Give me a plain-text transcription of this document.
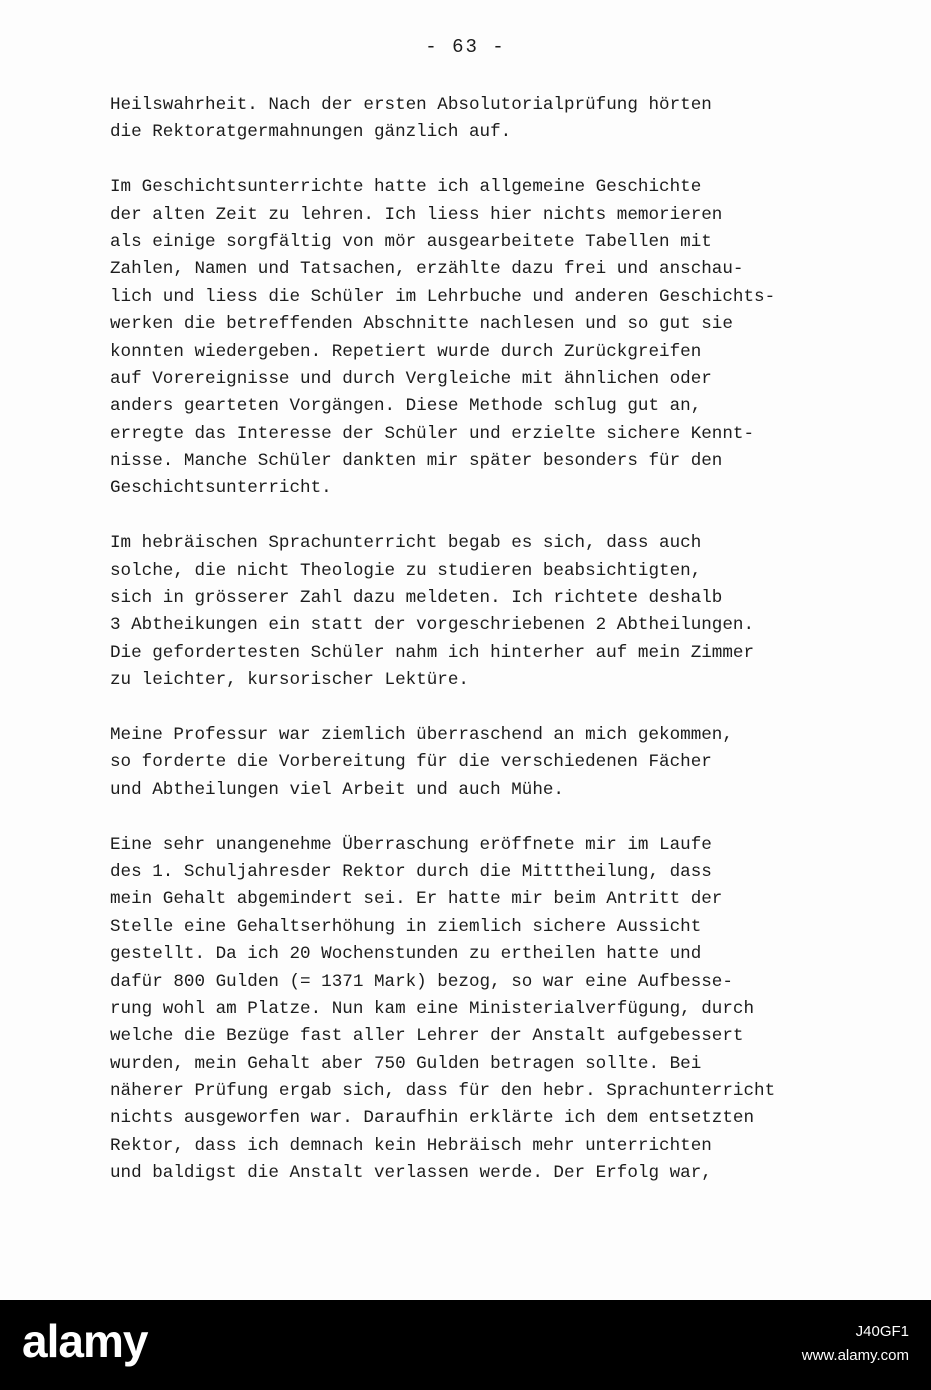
- 63 -
Heilswahrheit. Nach der ersten Absolutorialprüfung hörten
die Rektoratgermahnungen gänzlich auf.
Im Geschichtsunterrichte hatte ich allgemeine Geschichte
der alten Zeit zu lehren. Ich liess hier nichts memorieren
als einige sorgfältig von mör ausgearbeitete Tabellen mit
Zahlen, Namen und Tatsachen, erzählte dazu frei und anschau-
lich und liess die Schüler im Lehrbuche und anderen Geschichts-
werken die betreffenden Abschnitte nachlesen und so gut sie
konnten wiedergeben. Repetiert wurde durch Zurückgreifen
auf Vorereignisse und durch Vergleiche mit ähnlichen oder
anders gearteten Vorgängen. Diese Methode schlug gut an,
erregte das Interesse der Schüler und erzielte sichere Kennt-
nisse. Manche Schüler dankten mir später besonders für den
Geschichtsunterricht.
Im hebräischen Sprachunterricht begab es sich, dass auch
solche, die nicht Theologie zu studieren beabsichtigten,
sich in grösserer Zahl dazu meldeten. Ich richtete deshalb
3 Abtheikungen ein statt der vorgeschriebenen 2 Abtheilungen.
Die gefordertesten Schüler nahm ich hinterher auf mein Zimmer
zu leichter, kursorischer Lektüre.
Meine Professur war ziemlich überraschend an mich gekommen,
so forderte die Vorbereitung für die verschiedenen Fächer
und Abtheilungen viel Arbeit und auch Mühe.
Eine sehr unangenehme Überraschung eröffnete mir im Laufe
des 1. Schuljahresder Rektor durch die Mitttheilung, dass
mein Gehalt abgemindert sei. Er hatte mir beim Antritt der
Stelle eine Gehaltserhöhung in ziemlich sichere Aussicht
gestellt. Da ich 20 Wochenstunden zu ertheilen hatte und
dafür 800 Gulden (= 1371 Mark) bezog, so war eine Aufbesse-
rung wohl am Platze. Nun kam eine Ministerialverfügung, durch
welche die Bezüge fast aller Lehrer der Anstalt aufgebessert
wurden, mein Gehalt aber 750 Gulden betragen sollte. Bei
näherer Prüfung ergab sich, dass für den hebr. Sprachunterricht
nichts ausgeworfen war. Daraufhin erklärte ich dem entsetzten
Rektor, dass ich demnach kein Hebräisch mehr unterrichten
und baldigst die Anstalt verlassen werde. Der Erfolg war,
alamy	J40GF1
www.alamy.com
